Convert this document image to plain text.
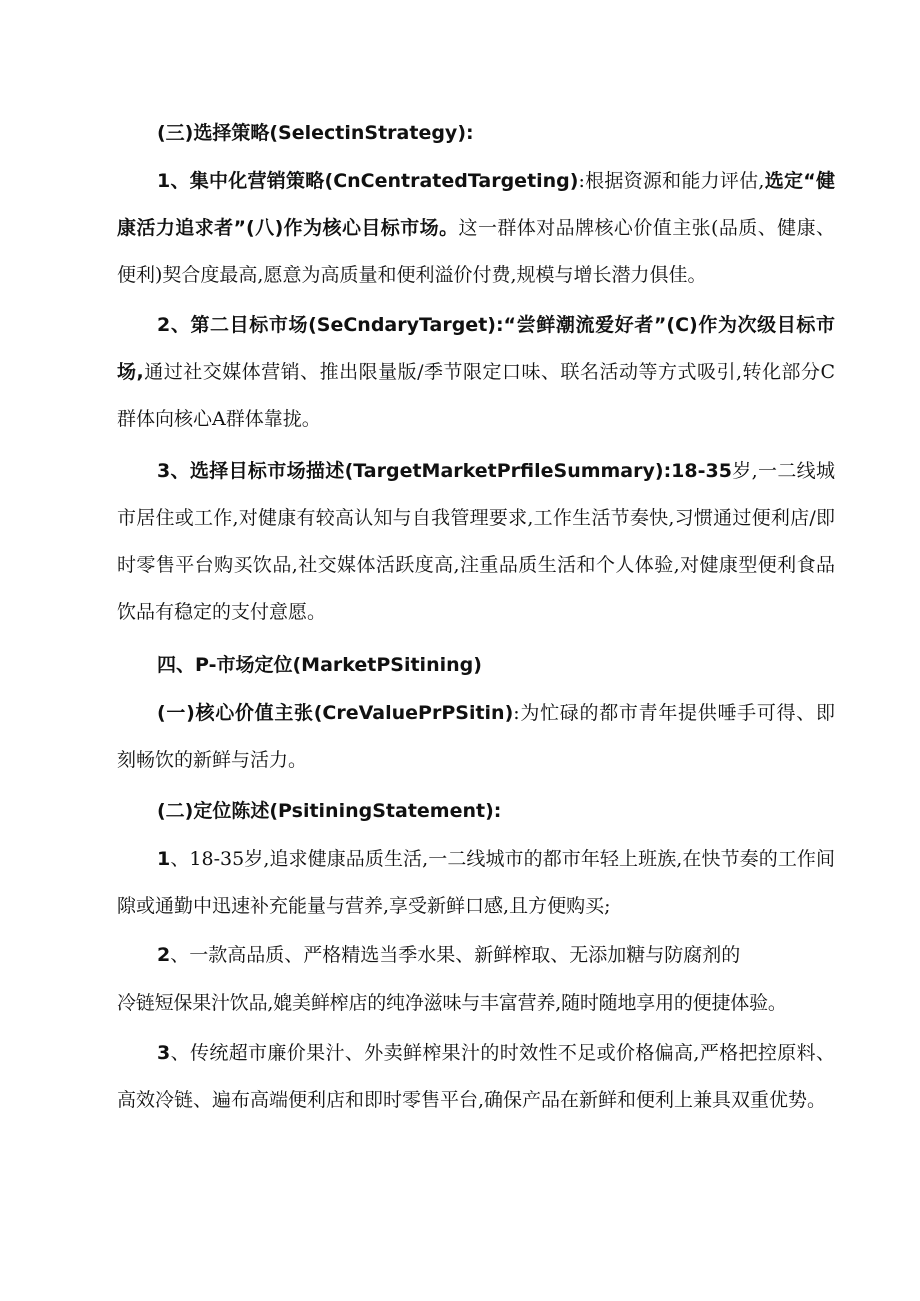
(三)选择策略(SelectinStrategy):

1、集中化营销策略(CnCentratedTargeting):根据资源和能力评估,选定“健康活力追求者”(八)作为核心目标市场。这一群体对品牌核心价值主张(品质、健康、便利)契合度最高,愿意为高质量和便利溢价付费,规模与增长潜力俱佳。

2、第二目标市场(SeCndaryTarget):“尝鲜潮流爱好者”(C)作为次级目标市场,通过社交媒体营销、推出限量版/季节限定口味、联名活动等方式吸引,转化部分C群体向核心A群体靠拢。

3、选择目标市场描述(TargetMarketPrfileSummary):18-35岁,一二线城市居住或工作,对健康有较高认知与自我管理要求,工作生活节奏快,习惯通过便利店/即时零售平台购买饮品,社交媒体活跃度高,注重品质生活和个人体验,对健康型便利食品饮品有稳定的支付意愿。

四、P-市场定位(MarketPSitining)

(一)核心价值主张(CreValuePrPSitin):为忙碌的都市青年提供唾手可得、即刻畅饮的新鲜与活力。

(二)定位陈述(PsitiningStatement):

1、18-35岁,追求健康品质生活,一二线城市的都市年轻上班族,在快节奏的工作间隙或通勤中迅速补充能量与营养,享受新鲜口感,且方便购买;

2、一款高品质、严格精选当季水果、新鲜榨取、无添加糖与防腐剂的

冷链短保果汁饮品,媲美鲜榨店的纯净滋味与丰富营养,随时随地享用的便捷体验。

3、传统超市廉价果汁、外卖鲜榨果汁的时效性不足或价格偏高,严格把控原料、高效冷链、遍布高端便利店和即时零售平台,确保产品在新鲜和便利上兼具双重优势。
